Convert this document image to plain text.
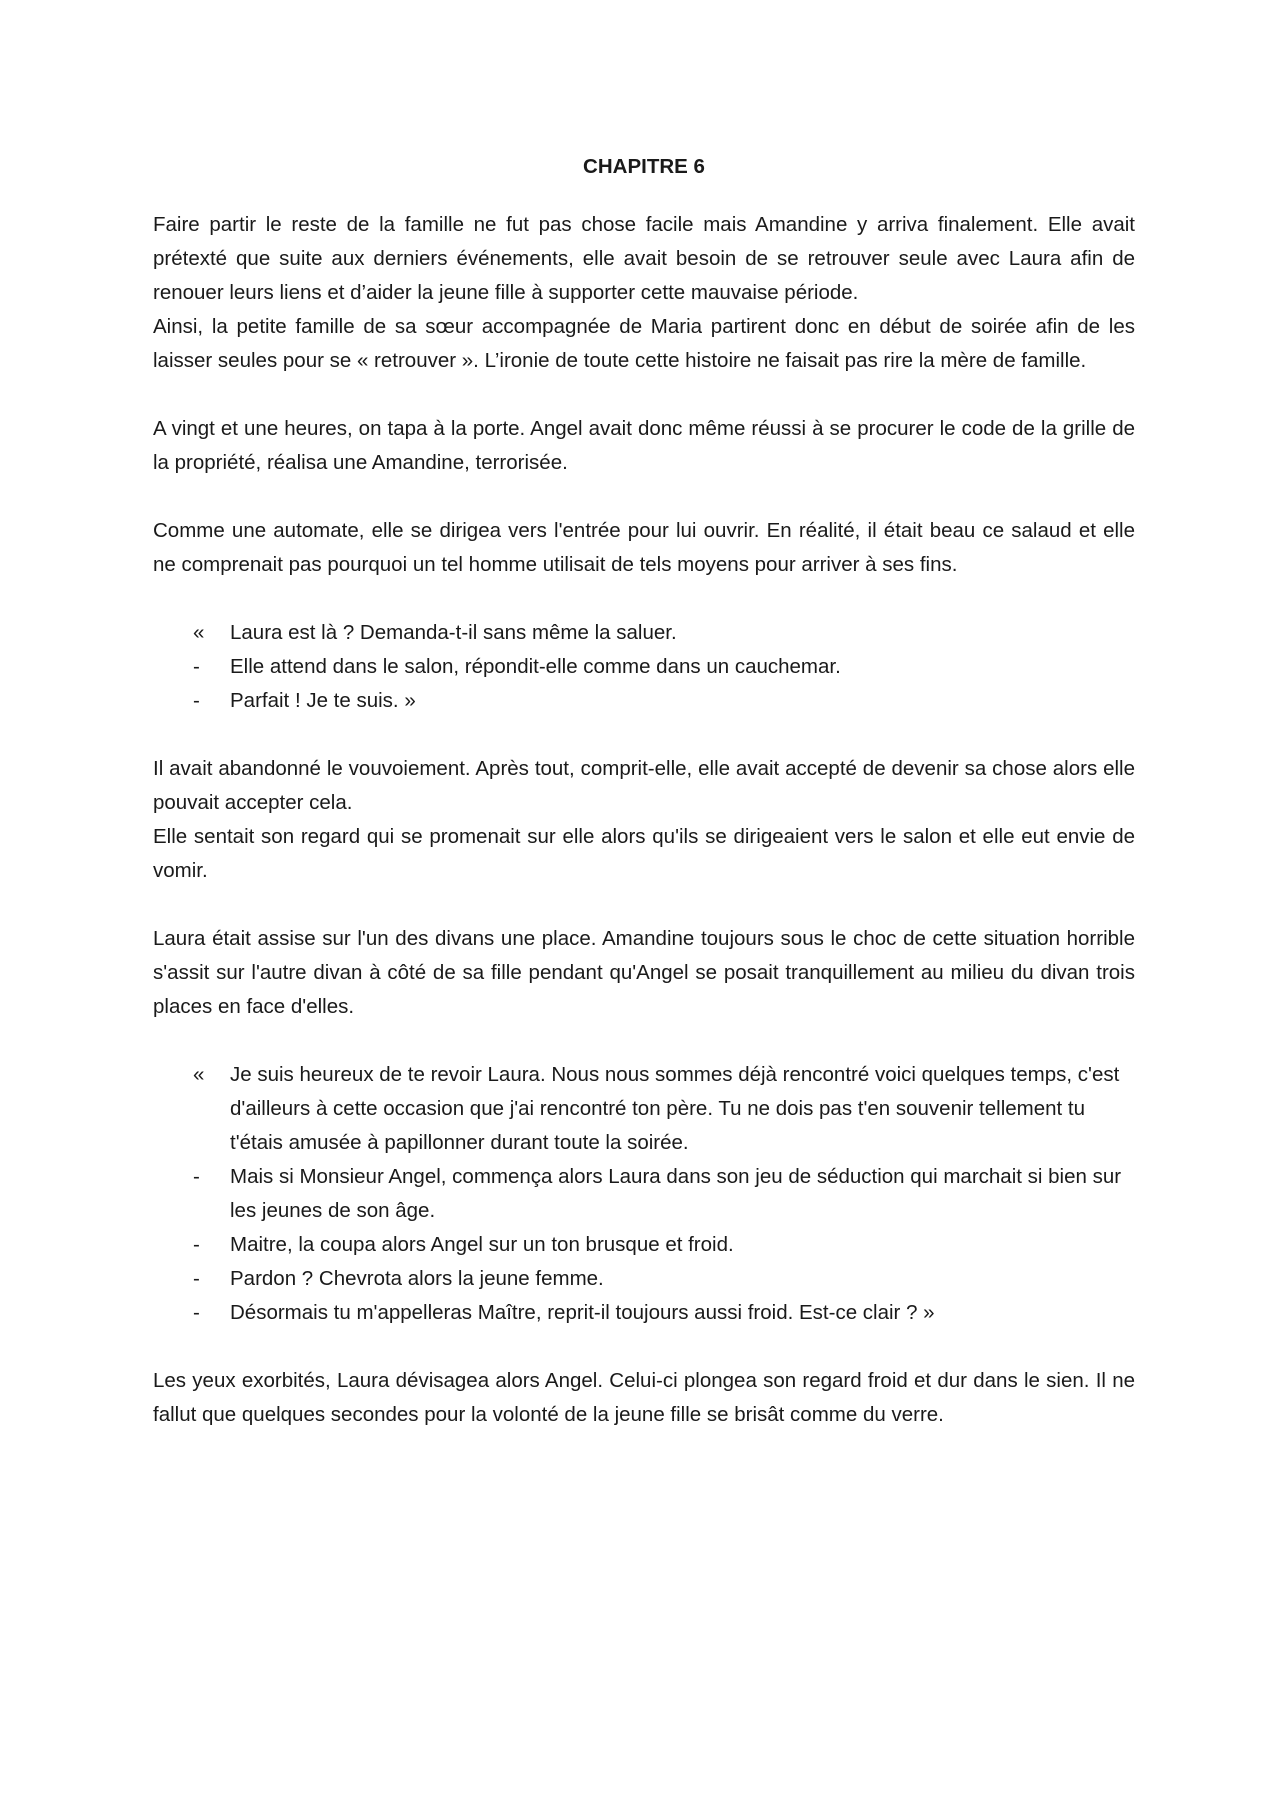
CHAPITRE 6

Faire partir le reste de la famille ne fut pas chose facile mais Amandine y arriva finalement. Elle avait prétexté que suite aux derniers événements, elle avait besoin de se retrouver seule avec Laura afin de renouer leurs liens et d’aider la jeune fille à supporter cette mauvaise période.

Ainsi, la petite famille de sa sœur accompagnée de Maria partirent donc en début de soirée afin de les laisser seules pour se « retrouver ». L’ironie de toute cette histoire ne faisait pas rire la mère de famille.

A vingt et une heures, on tapa à la porte. Angel avait donc même réussi à se procurer le code de la grille de la propriété, réalisa une Amandine, terrorisée.

Comme une automate, elle se dirigea vers l'entrée pour lui ouvrir. En réalité, il était beau ce salaud et elle ne comprenait pas pourquoi un tel homme utilisait de tels moyens pour arriver à ses fins.

« Laura est là ? Demanda-t-il sans même la saluer.
- Elle attend dans le salon, répondit-elle comme dans un cauchemar.
- Parfait ! Je te suis. »

Il avait abandonné le vouvoiement. Après tout, comprit-elle, elle avait accepté de devenir sa chose alors elle pouvait accepter cela.

Elle sentait son regard qui se promenait sur elle alors qu'ils se dirigeaient vers le salon et elle eut envie de vomir.

Laura était assise sur l'un des divans une place. Amandine toujours sous le choc de cette situation horrible s'assit sur l'autre divan à côté de sa fille pendant qu'Angel se posait tranquillement au milieu du divan trois places en face d'elles.

« Je suis heureux de te revoir Laura. Nous nous sommes déjà rencontré voici quelques temps, c'est d'ailleurs à cette occasion que j'ai rencontré ton père. Tu ne dois pas t'en souvenir tellement tu t'étais amusée à papillonner durant toute la soirée.
- Mais si Monsieur Angel, commença alors Laura dans son jeu de séduction qui marchait si bien sur les jeunes de son âge.
- Maitre, la coupa alors Angel sur un ton brusque et froid.
- Pardon ? Chevrota alors la jeune femme.
- Désormais tu m'appelleras Maître, reprit-il toujours aussi froid. Est-ce clair ? »

Les yeux exorbités, Laura dévisagea alors Angel. Celui-ci plongea son regard froid et dur dans le sien. Il ne fallut que quelques secondes pour la volonté de la jeune fille se brisât comme du verre.
